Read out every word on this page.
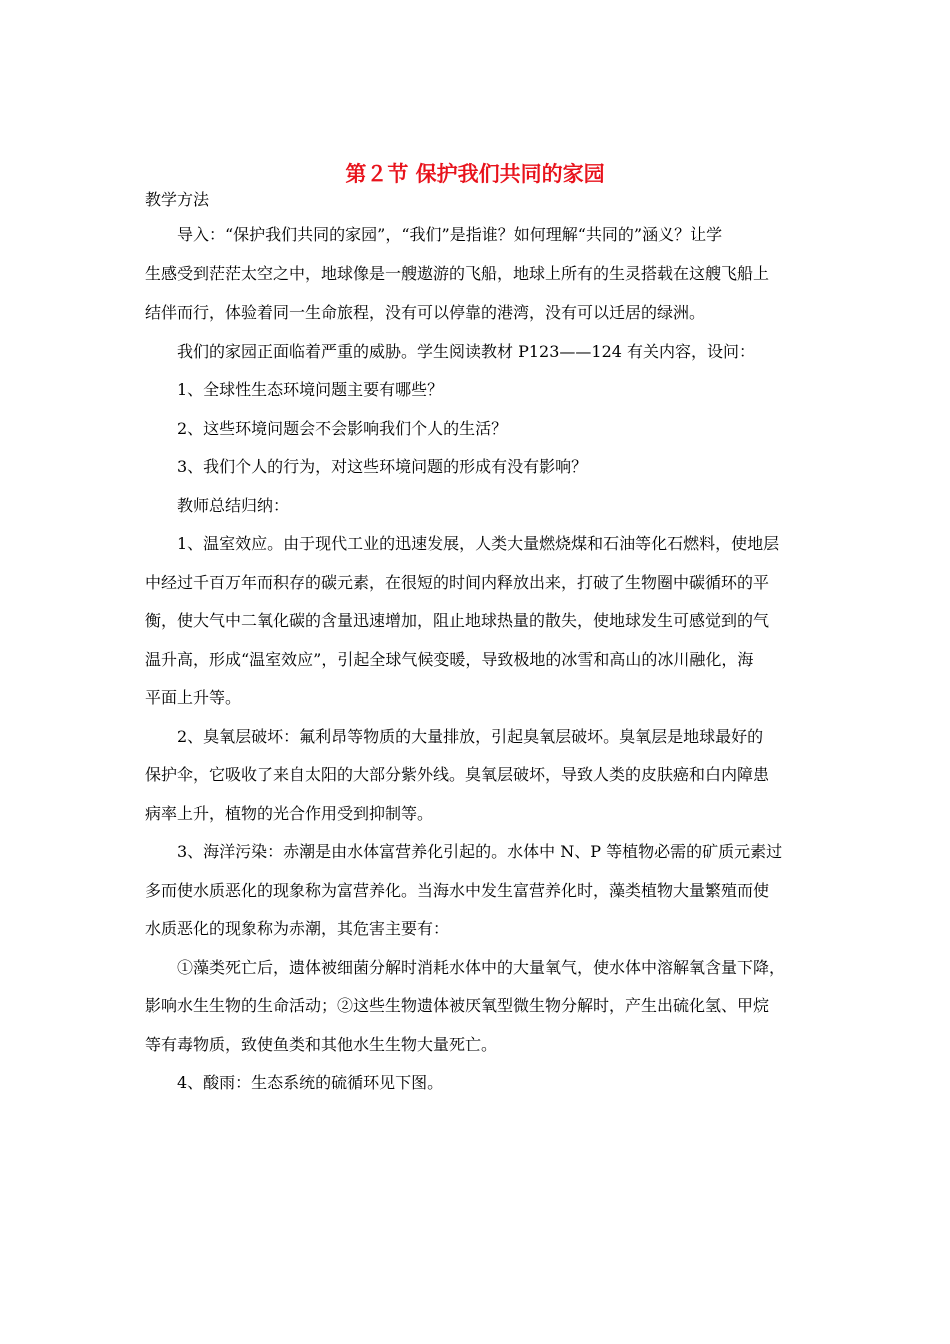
第２节 保护我们共同的家园

教学方法

导入：“保护我们共同的家园”，“我们”是指谁？如何理解“共同的”涵义？让学

生感受到茫茫太空之中，地球像是一艘遨游的飞船，地球上所有的生灵搭载在这艘飞船上

结伴而行，体验着同一生命旅程，没有可以停靠的港湾，没有可以迁居的绿洲。

我们的家园正面临着严重的威胁。学生阅读教材 P123——124 有关内容，设问：

1、全球性生态环境问题主要有哪些？

2、这些环境问题会不会影响我们个人的生活？

3、我们个人的行为，对这些环境问题的形成有没有影响？

教师总结归纳：

1、温室效应。由于现代工业的迅速发展，人类大量燃烧煤和石油等化石燃料，使地层

中经过千百万年而积存的碳元素，在很短的时间内释放出来，打破了生物圈中碳循环的平

衡，使大气中二氧化碳的含量迅速增加，阻止地球热量的散失，使地球发生可感觉到的气

温升高，形成“温室效应”，引起全球气候变暖，导致极地的冰雪和高山的冰川融化，海

平面上升等。

2、臭氧层破坏：氟利昂等物质的大量排放，引起臭氧层破坏。臭氧层是地球最好的

保护伞，它吸收了来自太阳的大部分紫外线。臭氧层破坏，导致人类的皮肤癌和白内障患

病率上升，植物的光合作用受到抑制等。

3、海洋污染：赤潮是由水体富营养化引起的。水体中 N、P 等植物必需的矿质元素过

多而使水质恶化的现象称为富营养化。当海水中发生富营养化时，藻类植物大量繁殖而使

水质恶化的现象称为赤潮，其危害主要有：

①藻类死亡后，遗体被细菌分解时消耗水体中的大量氧气，使水体中溶解氧含量下降，

影响水生生物的生命活动；②这些生物遗体被厌氧型微生物分解时，产生出硫化氢、甲烷

等有毒物质，致使鱼类和其他水生生物大量死亡。

4、酸雨：生态系统的硫循环见下图。
